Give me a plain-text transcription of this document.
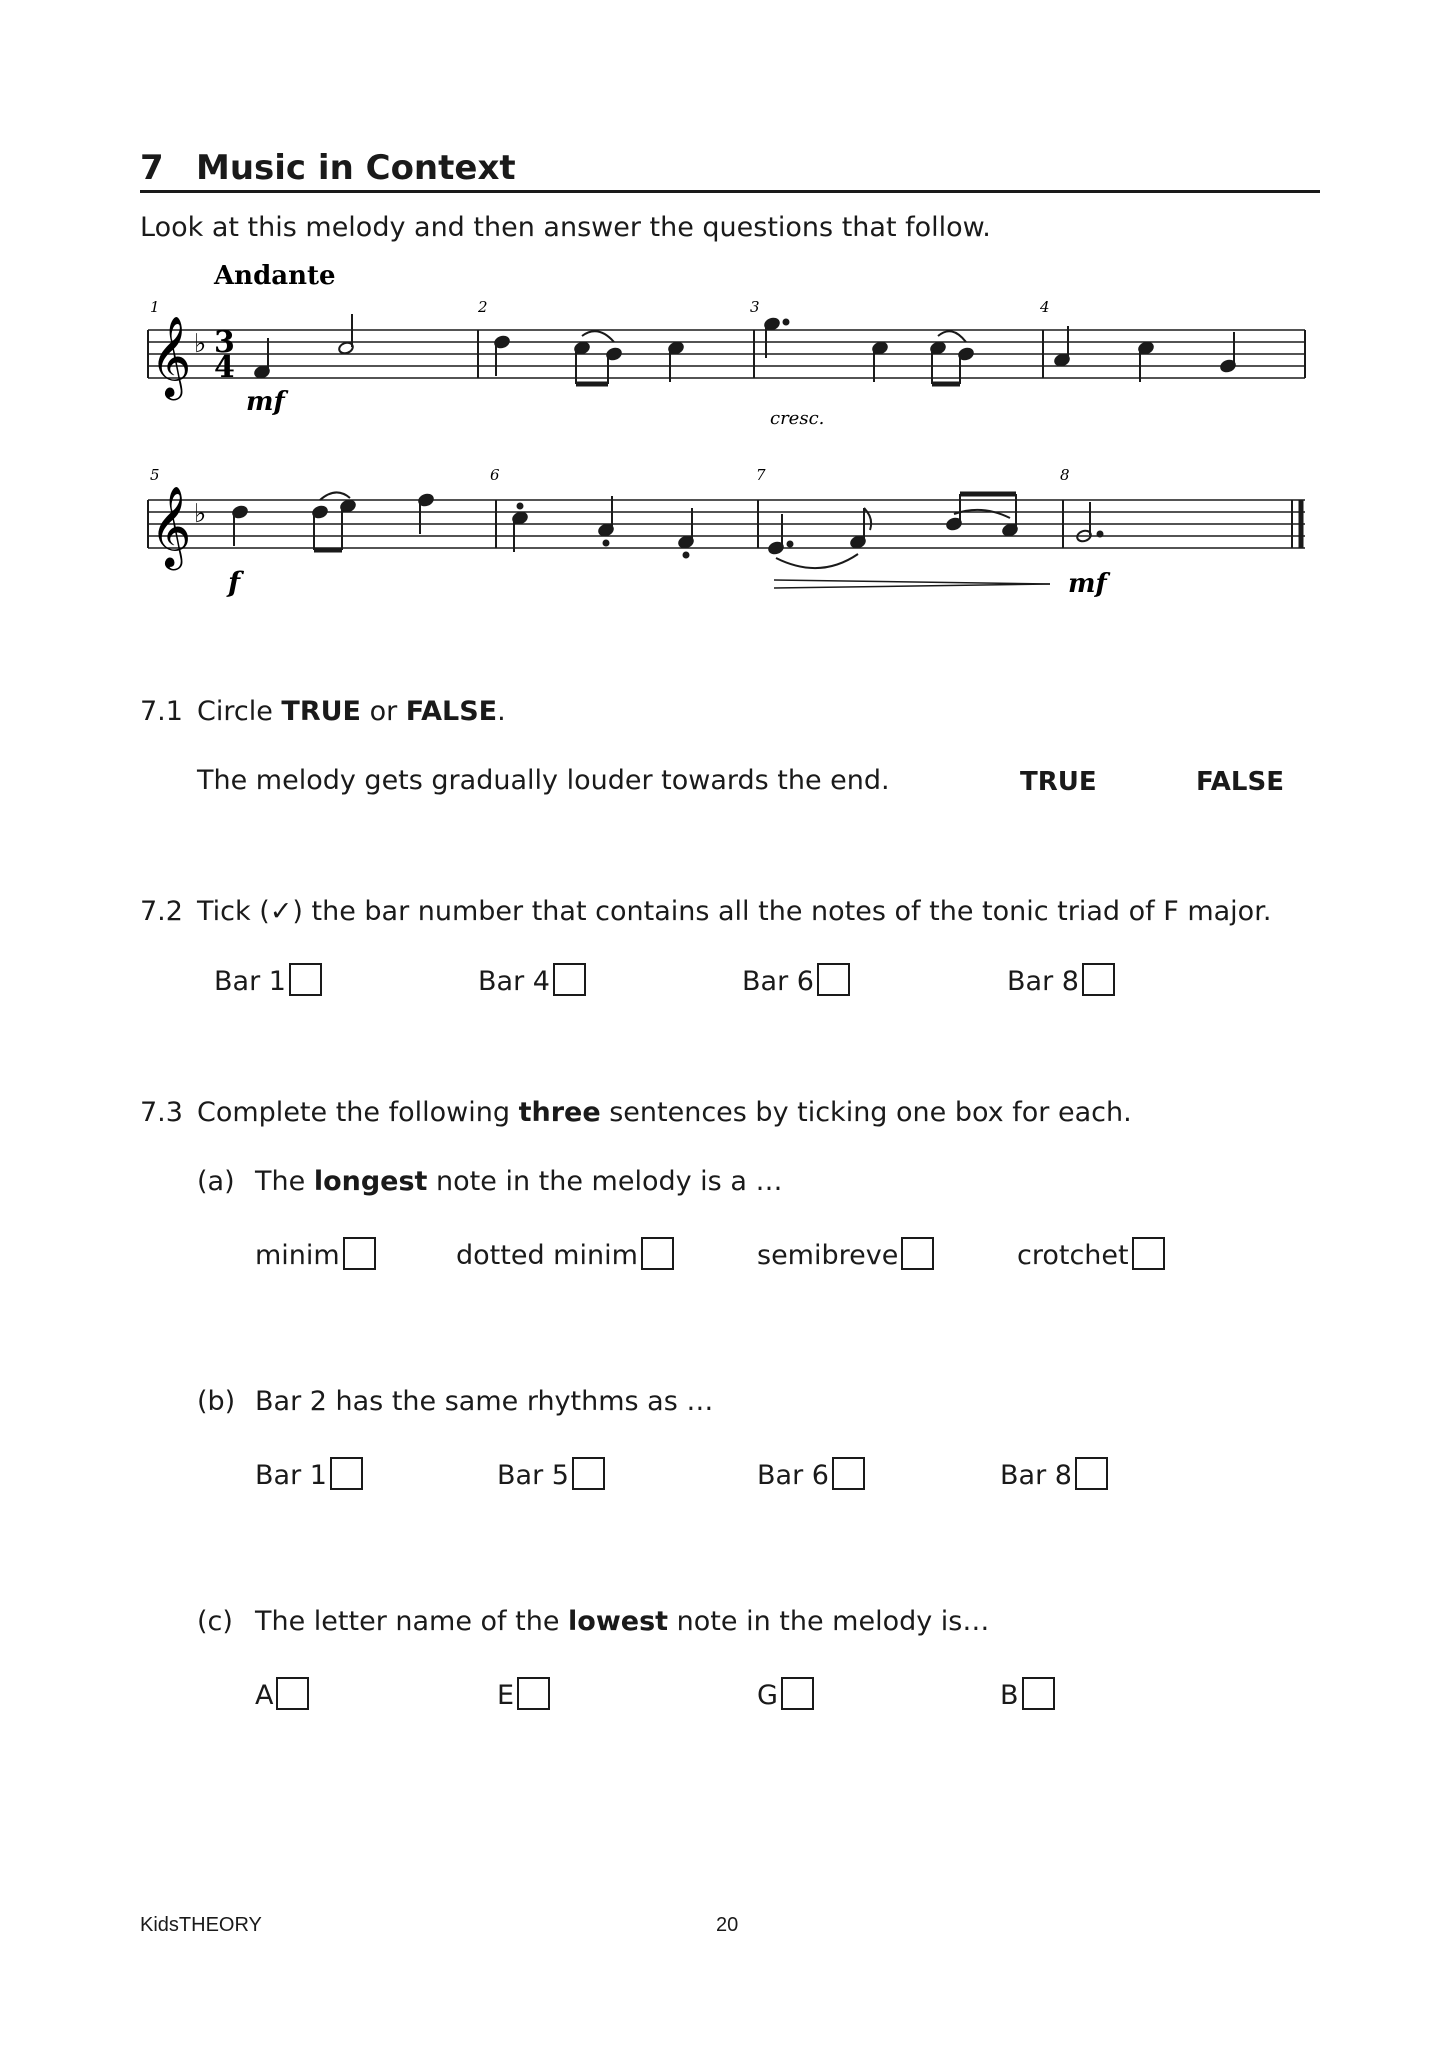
7 Music in Context
Look at this melody and then answer the questions that follow.
𝄞
𝄞
♭
♭
3
4
Andante
1	2	3	4
5	6	7	8
mf
cresc.
f	mf
7.1 Circle TRUE or FALSE.
The melody gets gradually louder towards the end.	TRUE	FALSE
7.2 Tick (✓) the bar number that contains all the notes of the tonic triad of F major.
Bar 1	Bar 4	Bar 6	Bar 8
7.3 Complete the following three sentences by ticking one box for each.
(a) The longest note in the melody is a …
minim	dotted minim	semibreve	crotchet
(b) Bar 2 has the same rhythms as …
Bar 1	Bar 5	Bar 6	Bar 8
(c) The letter name of the lowest note in the melody is…
A	E	G	B
KidsTHEORY	20
